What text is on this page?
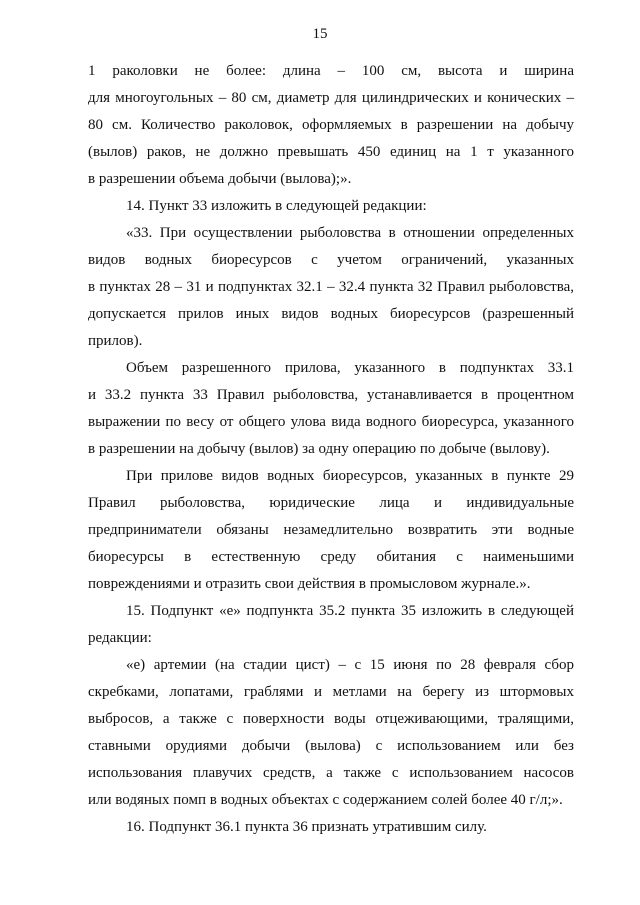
15
1 раколовки не более: длина – 100 см, высота и ширина
для многоугольных – 80 см, диаметр для цилиндрических и конических –
80 см. Количество раколовок, оформляемых в разрешении на добычу
(вылов) раков, не должно превышать 450 единиц на 1 т указанного
в разрешении объема добычи (вылова);».
14. Пункт 33 изложить в следующей редакции:
«33. При осуществлении рыболовства в отношении определенных
видов водных биоресурсов с учетом ограничений, указанных
в пунктах 28 – 31 и подпунктах 32.1 – 32.4 пункта 32 Правил рыболовства,
допускается прилов иных видов водных биоресурсов (разрешенный
прилов).
Объем разрешенного прилова, указанного в подпунктах 33.1
и 33.2 пункта 33 Правил рыболовства, устанавливается в процентном
выражении по весу от общего улова вида водного биоресурса, указанного
в разрешении на добычу (вылов) за одну операцию по добыче (вылову).
При прилове видов водных биоресурсов, указанных в пункте 29
Правил рыболовства, юридические лица и индивидуальные
предприниматели обязаны незамедлительно возвратить эти водные
биоресурсы в естественную среду обитания с наименьшими
повреждениями и отразить свои действия в промысловом журнале.».
15. Подпункт «е» подпункта 35.2 пункта 35 изложить в следующей
редакции:
«е) артемии (на стадии цист) – с 15 июня по 28 февраля сбор
скребками, лопатами, граблями и метлами на берегу из штормовых
выбросов, а также с поверхности воды отцеживающими, тралящими,
ставными орудиями добычи (вылова) с использованием или без
использования плавучих средств, а также с использованием насосов
или водяных помп в водных объектах с содержанием солей более 40 г/л;».
16. Подпункт 36.1 пункта 36 признать утратившим силу.
